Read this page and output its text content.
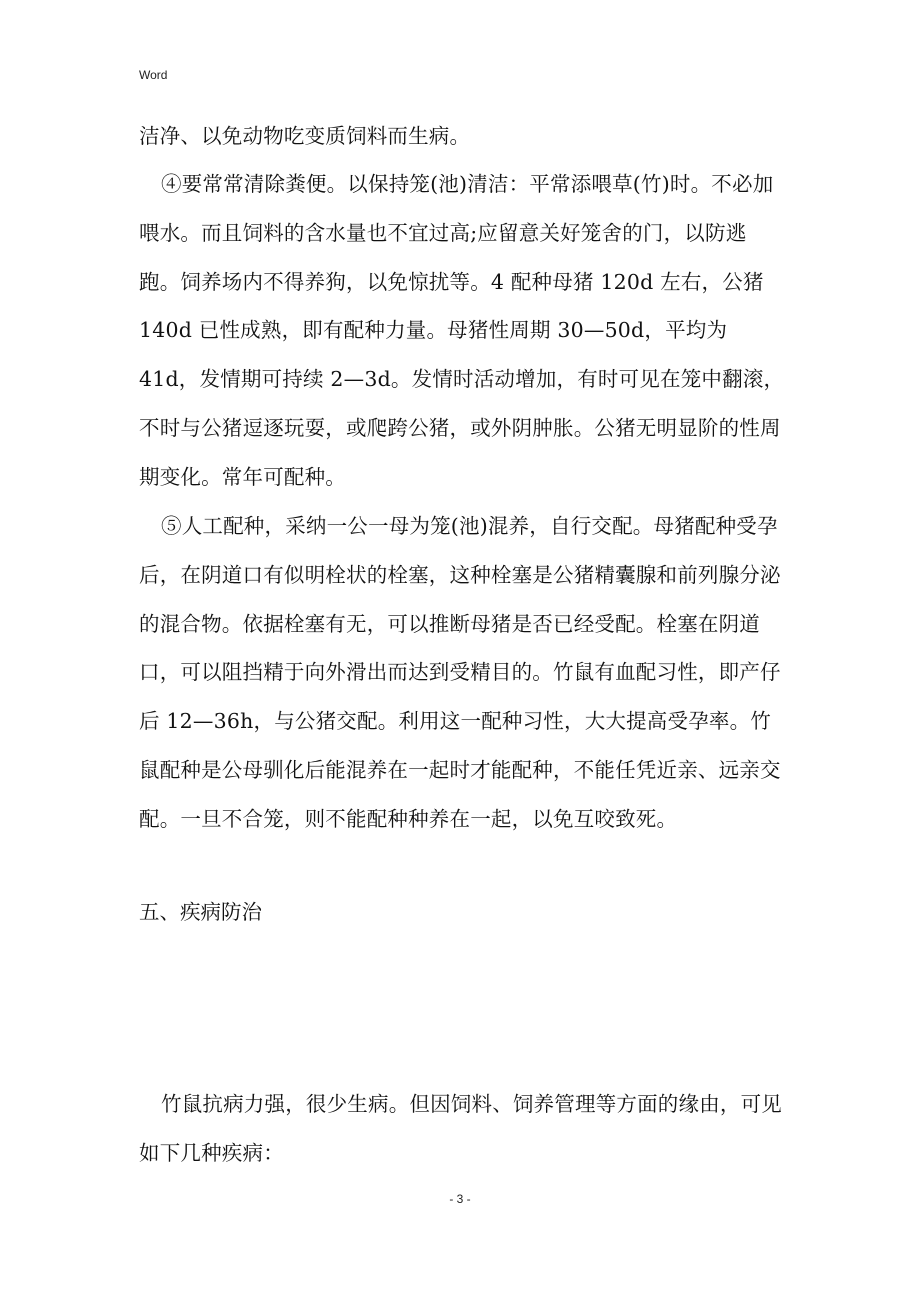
Word

洁净、以免动物吃变质饲料而生病。

④要常常清除粪便。以保持笼(池)清洁：平常添喂草(竹)时。不必加喂水。而且饲料的含水量也不宜过高;应留意关好笼舍的门，以防逃跑。饲养场内不得养狗，以免惊扰等。4 配种母猪 120d 左右，公猪 140d 已性成熟，即有配种力量。母猪性周期 30—50d，平均为 41d，发情期可持续 2—3d。发情时活动增加，有时可见在笼中翻滚，不时与公猪逗逐玩耍，或爬跨公猪，或外阴肿胀。公猪无明显阶的性周期变化。常年可配种。

⑤人工配种，采纳一公一母为笼(池)混养，自行交配。母猪配种受孕后，在阴道口有似明栓状的栓塞，这种栓塞是公猪精囊腺和前列腺分泌的混合物。依据栓塞有无，可以推断母猪是否已经受配。栓塞在阴道口，可以阻挡精于向外滑出而达到受精目的。竹鼠有血配习性，即产仔后 12—36h，与公猪交配。利用这一配种习性，大大提高受孕率。竹鼠配种是公母驯化后能混养在一起时才能配种，不能任凭近亲、远亲交配。一旦不合笼，则不能配种种养在一起，以免互咬致死。

五、疾病防治

竹鼠抗病力强，很少生病。但因饲料、饲养管理等方面的缘由，可见如下几种疾病：

- 3 -
